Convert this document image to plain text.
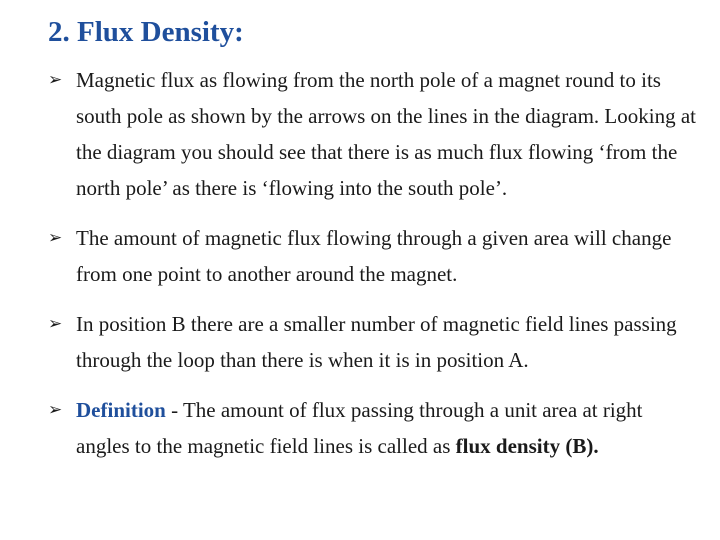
2. Flux Density:
➢ Magnetic flux as flowing from the north pole of a magnet round to its south pole as shown by the arrows on the lines in the diagram. Looking at the diagram you should see that there is as much flux flowing ‘from the north pole’ as there is ‘flowing into the south pole’.
➢ The amount of magnetic flux flowing through a given area will change from one point to another around the magnet.
➢ In position B there are a smaller number of magnetic field lines passing through the loop than there is when it is in position A.
➢ Definition - The amount of flux passing through a unit area at right angles to the magnetic field lines is called as flux density (B).
